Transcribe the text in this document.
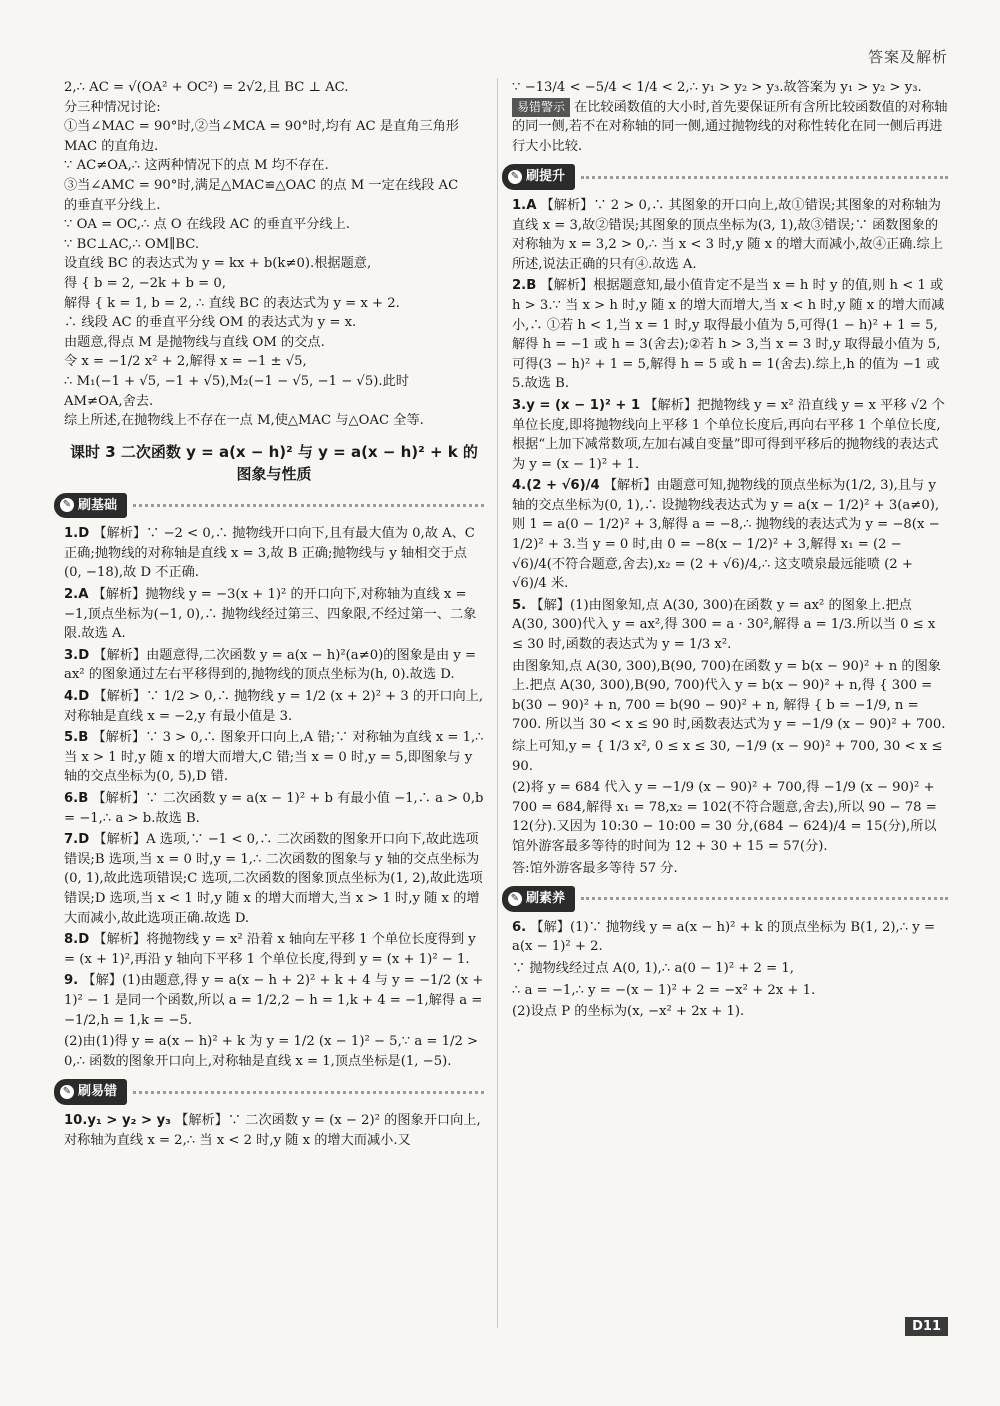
答案及解析

2,∴ AC = √(OA² + OC²) = 2√2,且 BC ⊥ AC.

分三种情况讨论:

①当∠MAC = 90°时,②当∠MCA = 90°时,均有 AC 是直角三角形

MAC 的直角边.

∵ AC≠OA,∴ 这两种情况下的点 M 均不存在.

③当∠AMC = 90°时,满足△MAC≌△OAC 的点 M 一定在线段 AC

的垂直平分线上.

∵ OA = OC,∴ 点 O 在线段 AC 的垂直平分线上.

∵ BC⊥AC,∴ OM∥BC.

设直线 BC 的表达式为 y = kx + b(k≠0).根据题意,

得 { b = 2, −2k + b = 0,

解得 { k = 1, b = 2, ∴ 直线 BC 的表达式为 y = x + 2.

∴ 线段 AC 的垂直平分线 OM 的表达式为 y = x.

由题意,得点 M 是抛物线与直线 OM 的交点.

令 x = −1/2 x² + 2,解得 x = −1 ± √5,

∴ M₁(−1 + √5, −1 + √5),M₂(−1 − √5, −1 − √5).此时

AM≠OA,舍去.

综上所述,在抛物线上不存在一点 M,使△MAC 与△OAC 全等.

课时 3 二次函数 y = a(x − h)² 与 y = a(x − h)² + k 的
图象与性质
✎ 刷基础

1.D 【解析】∵ −2 < 0,∴ 抛物线开口向下,且有最大值为 0,故 A、C 正确;抛物线的对称轴是直线 x = 3,故 B 正确;抛物线与 y 轴相交于点(0, −18),故 D 不正确.

2.A 【解析】抛物线 y = −3(x + 1)² 的开口向下,对称轴为直线 x = −1,顶点坐标为(−1, 0),∴ 抛物线经过第三、四象限,不经过第一、二象限.故选 A.

3.D 【解析】由题意得,二次函数 y = a(x − h)²(a≠0)的图象是由 y = ax² 的图象通过左右平移得到的,抛物线的顶点坐标为(h, 0).故选 D.

4.D 【解析】∵ 1/2 > 0,∴ 抛物线 y = 1/2 (x + 2)² + 3 的开口向上,对称轴是直线 x = −2,y 有最小值是 3.

5.B 【解析】∵ 3 > 0,∴ 图象开口向上,A 错;∵ 对称轴为直线 x = 1,∴ 当 x > 1 时,y 随 x 的增大而增大,C 错;当 x = 0 时,y = 5,即图象与 y 轴的交点坐标为(0, 5),D 错.

6.B 【解析】∵ 二次函数 y = a(x − 1)² + b 有最小值 −1,∴ a > 0,b = −1,∴ a > b.故选 B.

7.D 【解析】A 选项,∵ −1 < 0,∴ 二次函数的图象开口向下,故此选项错误;B 选项,当 x = 0 时,y = 1,∴ 二次函数的图象与 y 轴的交点坐标为(0, 1),故此选项错误;C 选项,二次函数的图象顶点坐标为(1, 2),故此选项错误;D 选项,当 x < 1 时,y 随 x 的增大而增大,当 x > 1 时,y 随 x 的增大而减小,故此选项正确.故选 D.

8.D 【解析】将抛物线 y = x² 沿着 x 轴向左平移 1 个单位长度得到 y = (x + 1)²,再沿 y 轴向下平移 1 个单位长度,得到 y = (x + 1)² − 1.

9. 【解】(1)由题意,得 y = a(x − h + 2)² + k + 4 与 y = −1/2 (x + 1)² − 1 是同一个函数,所以 a = 1/2,2 − h = 1,k + 4 = −1,解得 a = −1/2,h = 1,k = −5.

(2)由(1)得 y = a(x − h)² + k 为 y = 1/2 (x − 1)² − 5,∵ a = 1/2 > 0,∴ 函数的图象开口向上,对称轴是直线 x = 1,顶点坐标是(1, −5).

✎ 刷易错

10.y₁ > y₂ > y₃ 【解析】∵ 二次函数 y = (x − 2)² 的图象开口向上,对称轴为直线 x = 2,∴ 当 x < 2 时,y 随 x 的增大而减小.又

∵ −13/4 < −5/4 < 1/4 < 2,∴ y₁ > y₂ > y₃.故答案为 y₁ > y₂ > y₃.

易错警示 在比较函数值的大小时,首先要保证所有含所比较函数值的对称轴的同一侧,若不在对称轴的同一侧,通过抛物线的对称性转化在同一侧后再进行大小比较.

✎ 刷提升

1.A 【解析】∵ 2 > 0,∴ 其图象的开口向上,故①错误;其图象的对称轴为直线 x = 3,故②错误;其图象的顶点坐标为(3, 1),故③错误;∵ 函数图象的对称轴为 x = 3,2 > 0,∴ 当 x < 3 时,y 随 x 的增大而减小,故④正确.综上所述,说法正确的只有④.故选 A.

2.B 【解析】根据题意知,最小值肯定不是当 x = h 时 y 的值,则 h < 1 或 h > 3.∵ 当 x > h 时,y 随 x 的增大而增大,当 x < h 时,y 随 x 的增大而减小,∴ ①若 h < 1,当 x = 1 时,y 取得最小值为 5,可得(1 − h)² + 1 = 5,解得 h = −1 或 h = 3(舍去);②若 h > 3,当 x = 3 时,y 取得最小值为 5,可得(3 − h)² + 1 = 5,解得 h = 5 或 h = 1(舍去).综上,h 的值为 −1 或 5.故选 B.

3.y = (x − 1)² + 1 【解析】把抛物线 y = x² 沿直线 y = x 平移 √2 个单位长度,即将抛物线向上平移 1 个单位长度后,再向右平移 1 个单位长度,根据“上加下减常数项,左加右减自变量”即可得到平移后的抛物线的表达式为 y = (x − 1)² + 1.

4.(2 + √6)/4 【解析】由题意可知,抛物线的顶点坐标为(1/2, 3),且与 y 轴的交点坐标为(0, 1),∴ 设抛物线表达式为 y = a(x − 1/2)² + 3(a≠0),则 1 = a(0 − 1/2)² + 3,解得 a = −8,∴ 抛物线的表达式为 y = −8(x − 1/2)² + 3.当 y = 0 时,由 0 = −8(x − 1/2)² + 3,解得 x₁ = (2 − √6)/4(不符合题意,舍去),x₂ = (2 + √6)/4,∴ 这支喷泉最远能喷 (2 + √6)/4 米.

5. 【解】(1)由图象知,点 A(30, 300)在函数 y = ax² 的图象上.把点 A(30, 300)代入 y = ax²,得 300 = a · 30²,解得 a = 1/3.所以当 0 ≤ x ≤ 30 时,函数的表达式为 y = 1/3 x².

由图象知,点 A(30, 300),B(90, 700)在函数 y = b(x − 90)² + n 的图象上.把点 A(30, 300),B(90, 700)代入 y = b(x − 90)² + n,得 { 300 = b(30 − 90)² + n, 700 = b(90 − 90)² + n, 解得 { b = −1/9, n = 700. 所以当 30 < x ≤ 90 时,函数表达式为 y = −1/9 (x − 90)² + 700.

综上可知,y = { 1/3 x², 0 ≤ x ≤ 30, −1/9 (x − 90)² + 700, 30 < x ≤ 90.

(2)将 y = 684 代入 y = −1/9 (x − 90)² + 700,得 −1/9 (x − 90)² + 700 = 684,解得 x₁ = 78,x₂ = 102(不符合题意,舍去),所以 90 − 78 = 12(分).又因为 10:30 − 10:00 = 30 分,(684 − 624)/4 = 15(分),所以馆外游客最多等待的时间为 12 + 30 + 15 = 57(分).

答:馆外游客最多等待 57 分.

✎ 刷素养

6. 【解】(1)∵ 抛物线 y = a(x − h)² + k 的顶点坐标为 B(1, 2),∴ y = a(x − 1)² + 2.

∵ 抛物线经过点 A(0, 1),∴ a(0 − 1)² + 2 = 1,

∴ a = −1,∴ y = −(x − 1)² + 2 = −x² + 2x + 1.

(2)设点 P 的坐标为(x, −x² + 2x + 1).

D11
